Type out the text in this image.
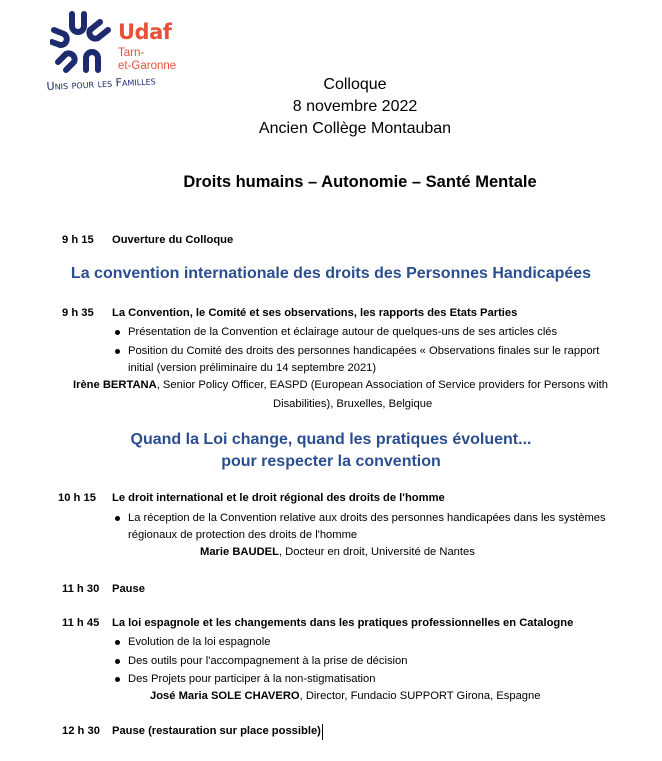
Udaf
Tarn-
et-Garonne
Unis pour les Familles	Colloque
8 novembre 2022
Ancien Collège Montauban
Droits humains – Autonomie – Santé Mentale
9 h 15	Ouverture du Colloque
La convention internationale des droits des Personnes Handicapées
9 h 35	La Convention, le Comité et ses observations, les rapports des Etats Parties
Présentation de la Convention et éclairage autour de quelques-uns de ses articles clés
Position du Comité des droits des personnes handicapées « Observations finales sur le rapport
initial (version préliminaire du 14 septembre 2021)
Irène BERTANA, Senior Policy Officer, EASPD (European Association of Service providers for Persons with
Disabilities), Bruxelles, Belgique
Quand la Loi change, quand les pratiques évoluent...
pour respecter la convention
10 h 15	Le droit international et le droit régional des droits de l'homme
La réception de la Convention relative aux droits des personnes handicapées dans les systèmes
régionaux de protection des droits de l'homme
Marie BAUDEL, Docteur en droit, Université de Nantes
11 h 30	Pause
11 h 45	La loi espagnole et les changements dans les pratiques professionnelles en Catalogne
Evolution de la loi espagnole
Des outils pour l'accompagnement à la prise de décision
Des Projets pour participer à la non-stigmatisation
José Maria SOLE CHAVERO, Director, Fundacio SUPPORT Girona, Espagne
12 h 30	Pause (restauration sur place possible)
